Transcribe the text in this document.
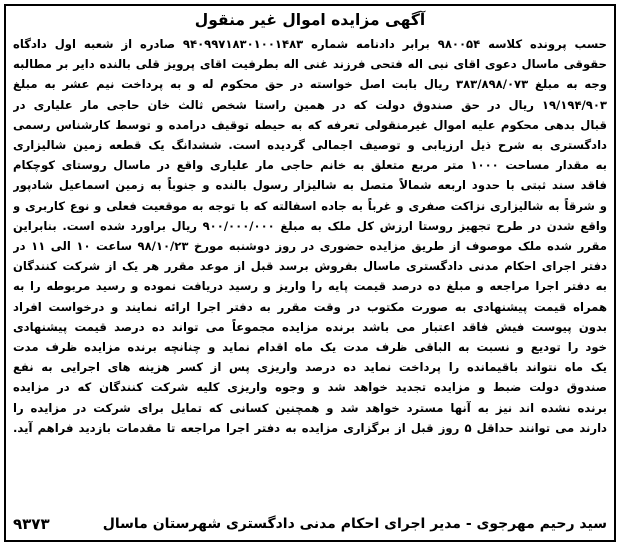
آگهی مزایده اموال غیر منقول
حسب پرونده کلاسه ۹۸۰۰۵۴ برابر دادنامه شماره ۹۴۰۹۹۷۱۸۳۰۱۰۰۱۴۸۳ صادره از شعبه اول دادگاه
حقوقی ماسال دعوی اقای نبی اله فتحی فرزند غنی اله بطرفیت اقای پرویز قلی بالنده دایر بر مطالبه
وجه به مبلغ ۳۸۳/۸۹۸/۰۷۳ ریال بابت اصل خواسته در حق محکوم له و به پرداخت نیم عشر به مبلغ
۱۹/۱۹۴/۹۰۳ ریال در حق صندوق دولت که در همین راستا شخص ثالث خان حاجی مار علیاری در
قبال بدهی محکوم علیه اموال غیرمنقولی تعرفه که به حیطه توقیف درامده و توسط کارشناس رسمی
دادگستری به شرح ذیل ارزیابی و توصیف اجمالی گردیده است. ششدانگ یک قطعه زمین شالیزاری
به مقدار مساحت ۱۰۰۰ متر مربع متعلق به خانم حاجی مار علیاری واقع در ماسال روستای کوچکام
فاقد سند ثبتی با حدود اربعه شمالاً متصل به شالیزار رسول بالنده و جنوباً به زمین اسماعیل شادپور
و شرقاً به شالیزاری نزاکت صفری و غرباً به جاده اسفالته که با توجه به موقعیت فعلی و نوع کاربری و
واقع شدن در طرح تجهیز روستا ارزش کل ملک به مبلغ ۹۰۰/۰۰۰/۰۰۰ ریال براورد شده است. بنابراین
مقرر شده ملک موصوف از طریق مزایده حضوری در روز دوشنبه مورخ ۹۸/۱۰/۲۳ ساعت ۱۰ الی ۱۱ در
دفتر اجرای احکام مدنی دادگستری ماسال بفروش برسد قبل از موعد مقرر هر یک از شرکت کنندگان
به دفتر اجرا مراجعه و مبلغ ده درصد قیمت پایه را واریز و رسید دریافت نموده و رسید مربوطه را به
همراه قیمت پیشنهادی به صورت مکتوب در وقت مقرر به دفتر اجرا ارائه نمایند و درخواست افراد
بدون پیوست فیش فاقد اعتبار می باشد برنده مزایده مجموعاً می تواند ده درصد قیمت پیشنهادی
خود را تودیع و نسبت به الباقی ظرف مدت یک ماه اقدام نماید و چنانچه برنده مزایده ظرف مدت
یک ماه نتواند باقیمانده را پرداخت نماید ده درصد واریزی پس از کسر هزینه های اجرایی به نفع
صندوق دولت ضبط و مزایده تجدید خواهد شد و وجوه واریزی کلیه شرکت کنندگان که در مزایده
برنده نشده اند نیز به آنها مسترد خواهد شد و همچنین کسانی که تمایل برای شرکت در مزایده را
دارند می توانند حداقل ۵ روز قبل از برگزاری مزایده به دفتر اجرا مراجعه تا مقدمات بازدید فراهم آید.
سید رحیم مهرجوی - مدیر اجرای احکام مدنی دادگستری شهرستان ماسال
۹۳۷۳
